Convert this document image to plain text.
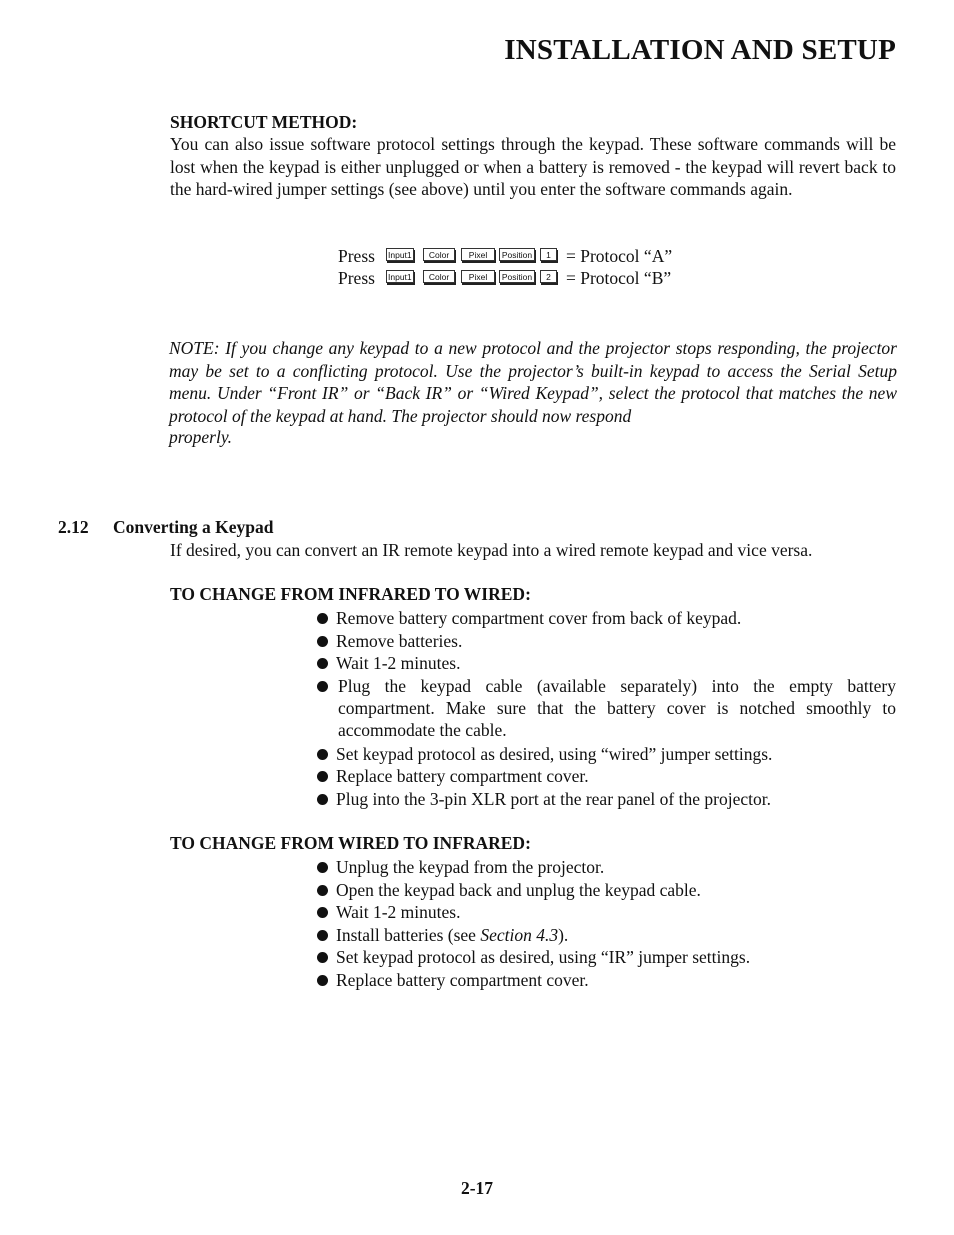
INSTALLATION AND SETUP
SHORTCUT METHOD:
You can also issue software protocol settings through the keypad. These software commands will be lost when the keypad is either unplugged or when a battery is removed - the keypad will revert back to the hard-wired jumper settings (see above) until you enter the software commands again.
Press	Input1	Color	Pixel	Position	1 = Protocol “A”
Press	Input1	Color	Pixel	Position	2 = Protocol “B”
NOTE: If you change any keypad to a new protocol and the projector stops responding, the projector may be set to a conflicting protocol. Use the projector’s built-in keypad to access the Serial Setup menu. Under “Front IR” or “Back IR” or “Wired Keypad”, select the protocol that matches the new protocol of the keypad at hand. The projector should now respond
properly.
2.12 Converting a Keypad
If desired, you can convert an IR remote keypad into a wired remote keypad and vice versa.
TO CHANGE FROM INFRARED TO WIRED:
Remove battery compartment cover from back of keypad.
Remove batteries.
Wait 1-2 minutes.
Plug the keypad cable (available separately) into the empty battery compartment. Make sure that the battery cover is notched smoothly to accommodate the cable.
Set keypad protocol as desired, using “wired” jumper settings.
Replace battery compartment cover.
Plug into the 3-pin XLR port at the rear panel of the projector.
TO CHANGE FROM WIRED TO INFRARED:
Unplug the keypad from the projector.
Open the keypad back and unplug the keypad cable.
Wait 1-2 minutes.
Install batteries (see Section 4.3).
Set keypad protocol as desired, using “IR” jumper settings.
Replace battery compartment cover.
2-17
